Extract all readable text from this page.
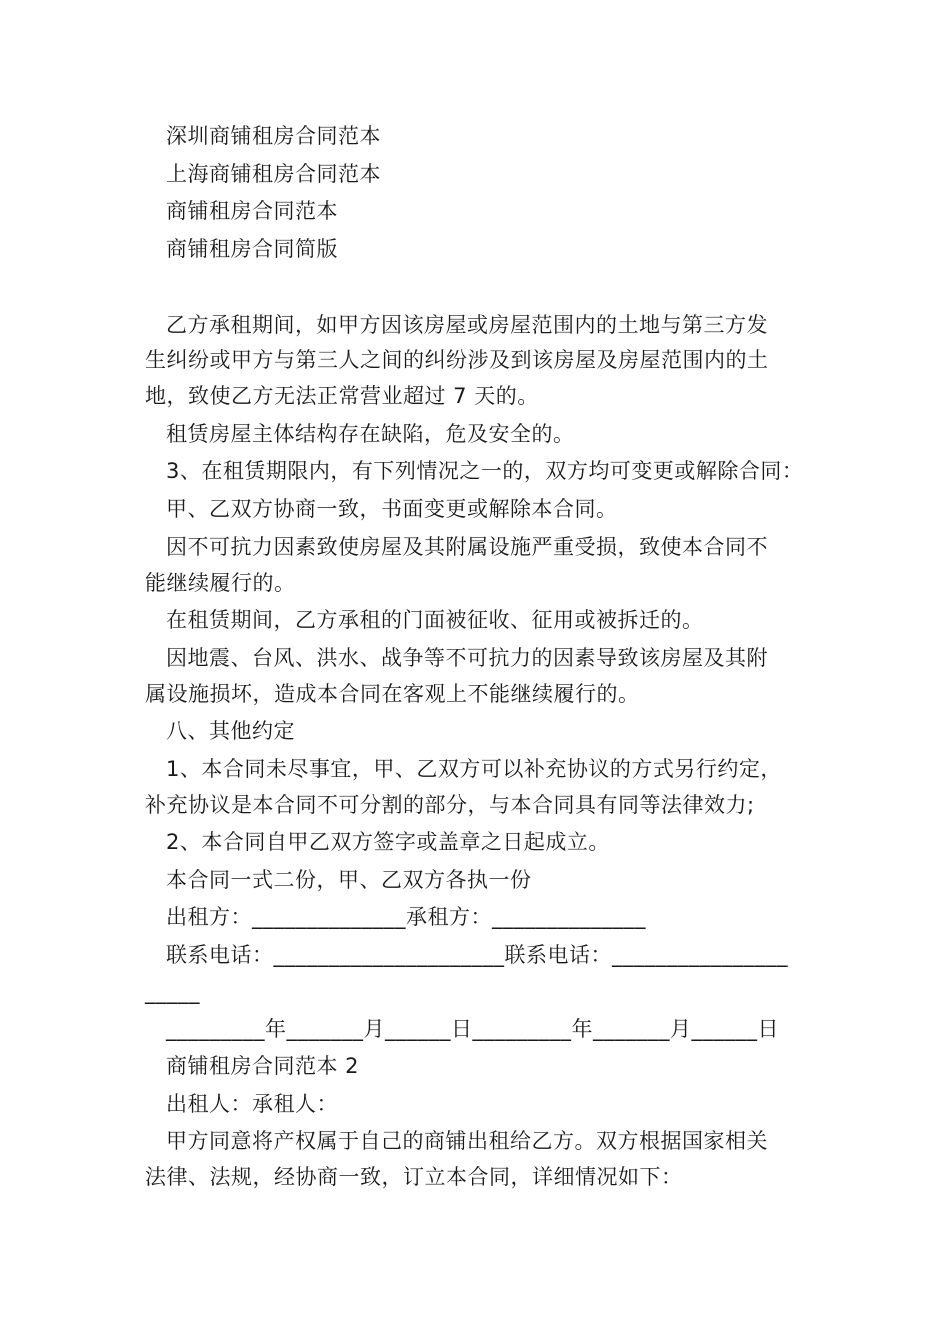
深圳商铺租房合同范本
上海商铺租房合同范本
商铺租房合同范本
商铺租房合同简版
乙方承租期间，如甲方因该房屋或房屋范围内的土地与第三方发
生纠纷或甲方与第三人之间的纠纷涉及到该房屋及房屋范围内的土
地，致使乙方无法正常营业超过 7 天的。
租赁房屋主体结构存在缺陷，危及安全的。
3、在租赁期限内，有下列情况之一的，双方均可变更或解除合同：
甲、乙双方协商一致，书面变更或解除本合同。
因不可抗力因素致使房屋及其附属设施严重受损，致使本合同不
能继续履行的。
在租赁期间，乙方承租的门面被征收、征用或被拆迁的。
因地震、台风、洪水、战争等不可抗力的因素导致该房屋及其附
属设施损坏，造成本合同在客观上不能继续履行的。
八、其他约定
1、本合同未尽事宜，甲、乙双方可以补充协议的方式另行约定，
补充协议是本合同不可分割的部分，与本合同具有同等法律效力;
2、本合同自甲乙双方签字或盖章之日起成立。
本合同一式二份，甲、乙双方各执一份
出租方：______________承租方：______________
联系电话：_____________________联系电话：________________
_____
_________年_______月______日_________年_______月______日
商铺租房合同范本 2
出租人：承租人：
甲方同意将产权属于自己的商铺出租给乙方。双方根据国家相关
法律、法规，经协商一致，订立本合同，详细情况如下：
